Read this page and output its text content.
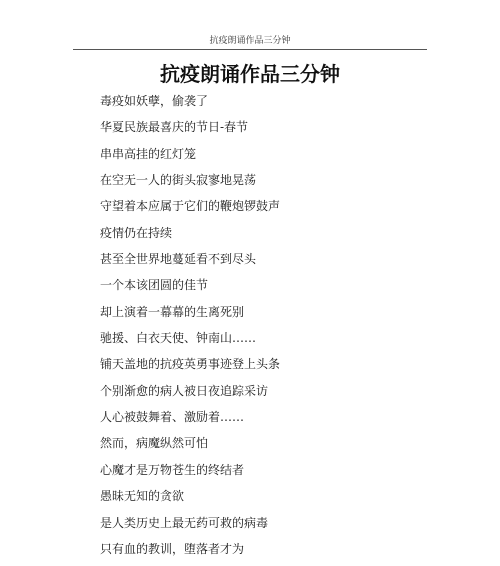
抗疫朗诵作品三分钟
抗疫朗诵作品三分钟
毒疫如妖孽，偷袭了
华夏民族最喜庆的节日-春节
串串高挂的红灯笼
在空无一人的街头寂寥地晃荡
守望着本应属于它们的鞭炮锣鼓声
疫情仍在持续
甚至全世界地蔓延看不到尽头
一个本该团圆的佳节
却上演着一幕幕的生离死别
驰援、白衣天使、钟南山……
铺天盖地的抗疫英勇事迹登上头条
个别渐愈的病人被日夜追踪采访
人心被鼓舞着、激励着……
然而，病魔纵然可怕
心魔才是万物苍生的终结者
愚昧无知的贪欲
是人类历史上最无药可救的病毒
只有血的教训，堕落者才为
